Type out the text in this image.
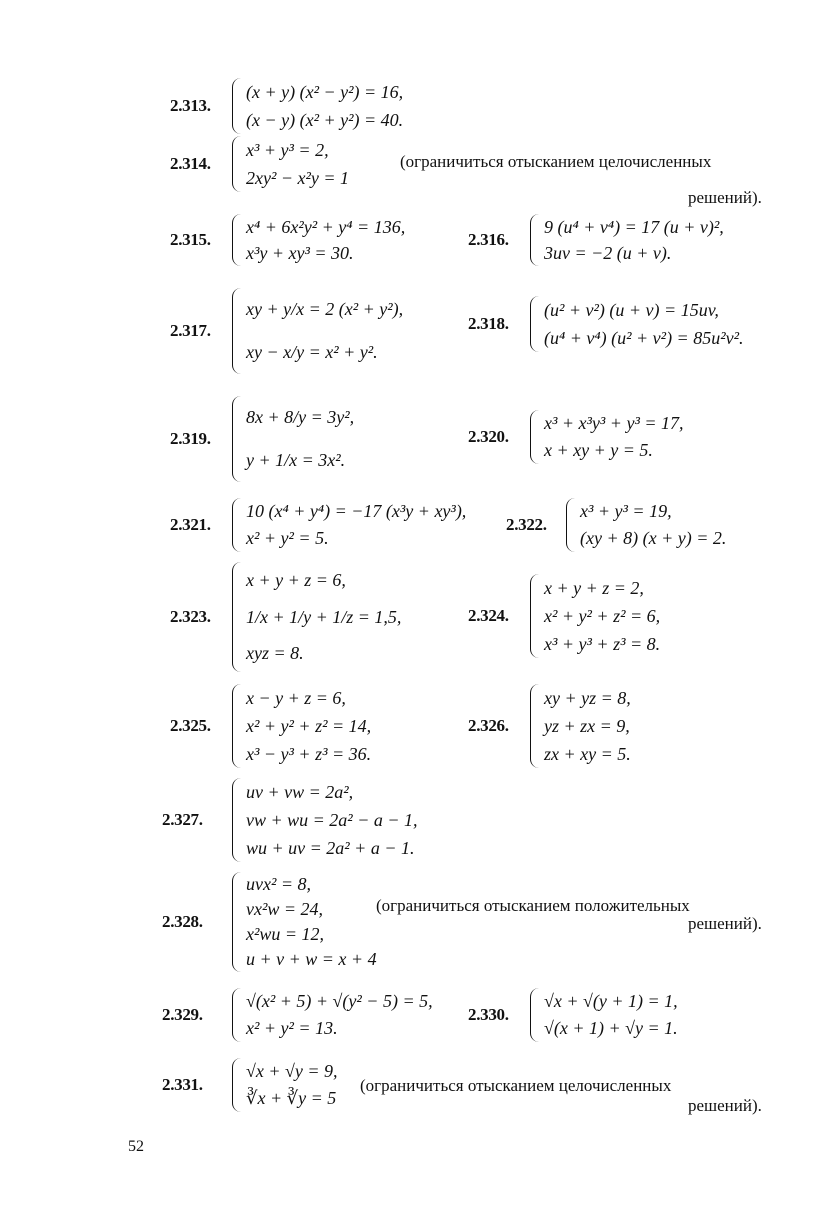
2.313.
(x + y) (x² − y²) = 16,
(x − y) (x² + y²) = 40.
2.314.
x³ + y³ = 2,
2xy² − x²y = 1
(ограничиться отысканием целочисленных
решений).
2.315.
x⁴ + 6x²y² + y⁴ = 136,
x³y + xy³ = 30.
2.316.
9 (u⁴ + v⁴) = 17 (u + v)²,
3uv = −2 (u + v).
2.317.
xy + y/x = 2 (x² + y²),
xy − x/y = x² + y².
2.318.
(u² + v²) (u + v) = 15uv,
(u⁴ + v⁴) (u² + v²) = 85u²v².
2.319.
8x + 8/y = 3y²,
y + 1/x = 3x².
2.320.
x³ + x³y³ + y³ = 17,
x + xy + y = 5.
2.321.
10 (x⁴ + y⁴) = −17 (x³y + xy³),
x² + y² = 5.
2.322.
x³ + y³ = 19,
(xy + 8) (x + y) = 2.
2.323.
x + y + z = 6,
1/x + 1/y + 1/z = 1,5,
xyz = 8.
2.324.
x + y + z = 2,
x² + y² + z² = 6,
x³ + y³ + z³ = 8.
2.325.
x − y + z = 6,
x² + y² + z² = 14,
x³ − y³ + z³ = 36.
2.326.
xy + yz = 8,
yz + zx = 9,
zx + xy = 5.
2.327.
uv + vw = 2a²,
vw + wu = 2a² − a − 1,
wu + uv = 2a² + a − 1.
2.328.
uvx² = 8,
vx²w = 24,
x²wu = 12,
u + v + w = x + 4
(ограничиться отысканием положительных
решений).
2.329.
√(x² + 5) + √(y² − 5) = 5,
x² + y² = 13.
2.330.
√x + √(y + 1) = 1,
√(x + 1) + √y = 1.
2.331.
√x + √y = 9,
∛x + ∛y = 5
(ограничиться отысканием целочисленных
решений).
52
